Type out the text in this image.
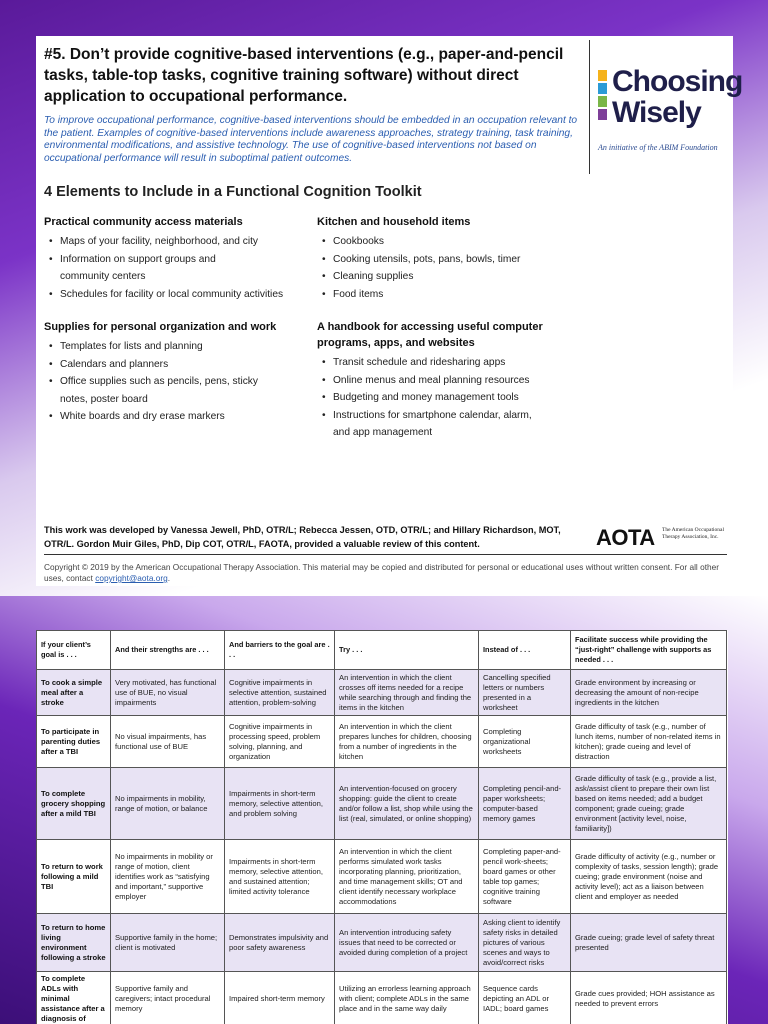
#5. Don’t provide cognitive-based interventions (e.g., paper-and-pencil tasks, table-top tasks, cognitive training software) without direct application to occupational performance.
To improve occupational performance, cognitive-based interventions should be embedded in an occupation relevant to the patient. Examples of cognitive-based interventions include awareness approaches, strategy training, task training, environmental modifications, and assistive technology. The use of cognitive-based interventions not based on occupational performance will result in suboptimal patient outcomes.
Choosing
Wisely
An initiative of the ABIM Foundation
4 Elements to Include in a Functional Cognition Toolkit
Practical community access materials
• Maps of your facility, neighborhood, and city
• Information on support groups and community centers
• Schedules for facility or local community activities
Kitchen and household items
• Cookbooks
• Cooking utensils, pots, pans, bowls, timer
• Cleaning supplies
• Food items
Supplies for personal organization and work
• Templates for lists and planning
• Calendars and planners
• Office supplies such as pencils, pens, sticky notes, poster board
• White boards and dry erase markers
A handbook for accessing useful computer programs, apps, and websites
• Transit schedule and ridesharing apps
• Online menus and meal planning resources
• Budgeting and money management tools
• Instructions for smartphone calendar, alarm, and app management
This work was developed by Vanessa Jewell, PhD, OTR/L; Rebecca Jessen, OTD, OTR/L; and Hillary Richardson, MOT, OTR/L. Gordon Muir Giles, PhD, Dip COT, OTR/L, FAOTA, provided a valuable review of this content.	AOTA The American Occupational Therapy Association, Inc.
Copyright © 2019 by the American Occupational Therapy Association. This material may be copied and distributed for personal or educational uses without written consent. For all other uses, contact copyright@aota.org.
If your client’s goal is . . .	And their strengths are . . .	And barriers to the goal are . . .	Try . . .	Instead of . . .	Facilitate success while providing the “just-right” challenge with supports as needed . . .
To cook a simple meal after a stroke	Very motivated, has functional use of BUE, no visual impairments	Cognitive impairments in selective attention, sustained attention, problem-solving	An intervention in which the client crosses off items needed for a recipe while searching through and finding the items in the kitchen	Cancelling specified letters or numbers presented in a worksheet	Grade environment by increasing or decreasing the amount of non-recipe ingredients in the kitchen
To participate in parenting duties after a TBI	No visual impairments, has functional use of BUE	Cognitive impairments in processing speed, problem solving, planning, and organization	An intervention in which the client prepares lunches for children, choosing from a number of ingredients in the kitchen	Completing organizational worksheets	Grade difficulty of task (e.g., number of lunch items, number of non-related items in kitchen); grade cueing and level of distraction
To complete grocery shopping after a mild TBI	No impairments in mobility, range of motion, or balance	Impairments in short-term memory, selective attention, and problem solving	An intervention-focused on grocery shopping: guide the client to create and/or follow a list, shop while using the list (real, simulated, or online shopping)	Completing pencil-and-paper worksheets; computer-based memory games	Grade difficulty of task (e.g., provide a list, ask/assist client to prepare their own list based on items needed; add a budget component; grade cueing; grade environment [activity level, noise, familiarity])
To return to work following a mild TBI	No impairments in mobility or range of motion, client identifies work as “satisfying and important,” supportive employer	Impairments in short-term memory, selective attention, and sustained attention; limited activity tolerance	An intervention in which the client performs simulated work tasks incorporating planning, prioritization, and time management skills; OT and client identify necessary workplace accommodations	Completing paper-and-pencil work-sheets; board games or other table top games; cognitive training software	Grade difficulty of activity (e.g., number or complexity of tasks, session length); grade cueing; grade environment (noise and activity level); act as a liaison between client and employer as needed
To return to home living environment following a stroke	Supportive family in the home; client is motivated	Demonstrates impulsivity and poor safety awareness	An intervention introducing safety issues that need to be corrected or avoided during completion of a project	Asking client to identify safety risks in detailed pictures of various scenes and ways to avoid/correct risks	Grade cueing; grade level of safety threat presented
To complete ADLs with minimal assistance after a diagnosis of	Supportive family and caregivers; intact procedural memory	Impaired short-term memory	Utilizing an errorless learning approach with client; complete ADLs in the same place and in the same way daily	Sequence cards depicting an ADL or IADL; board games	Grade cues provided; HOH assistance as needed to prevent errors
